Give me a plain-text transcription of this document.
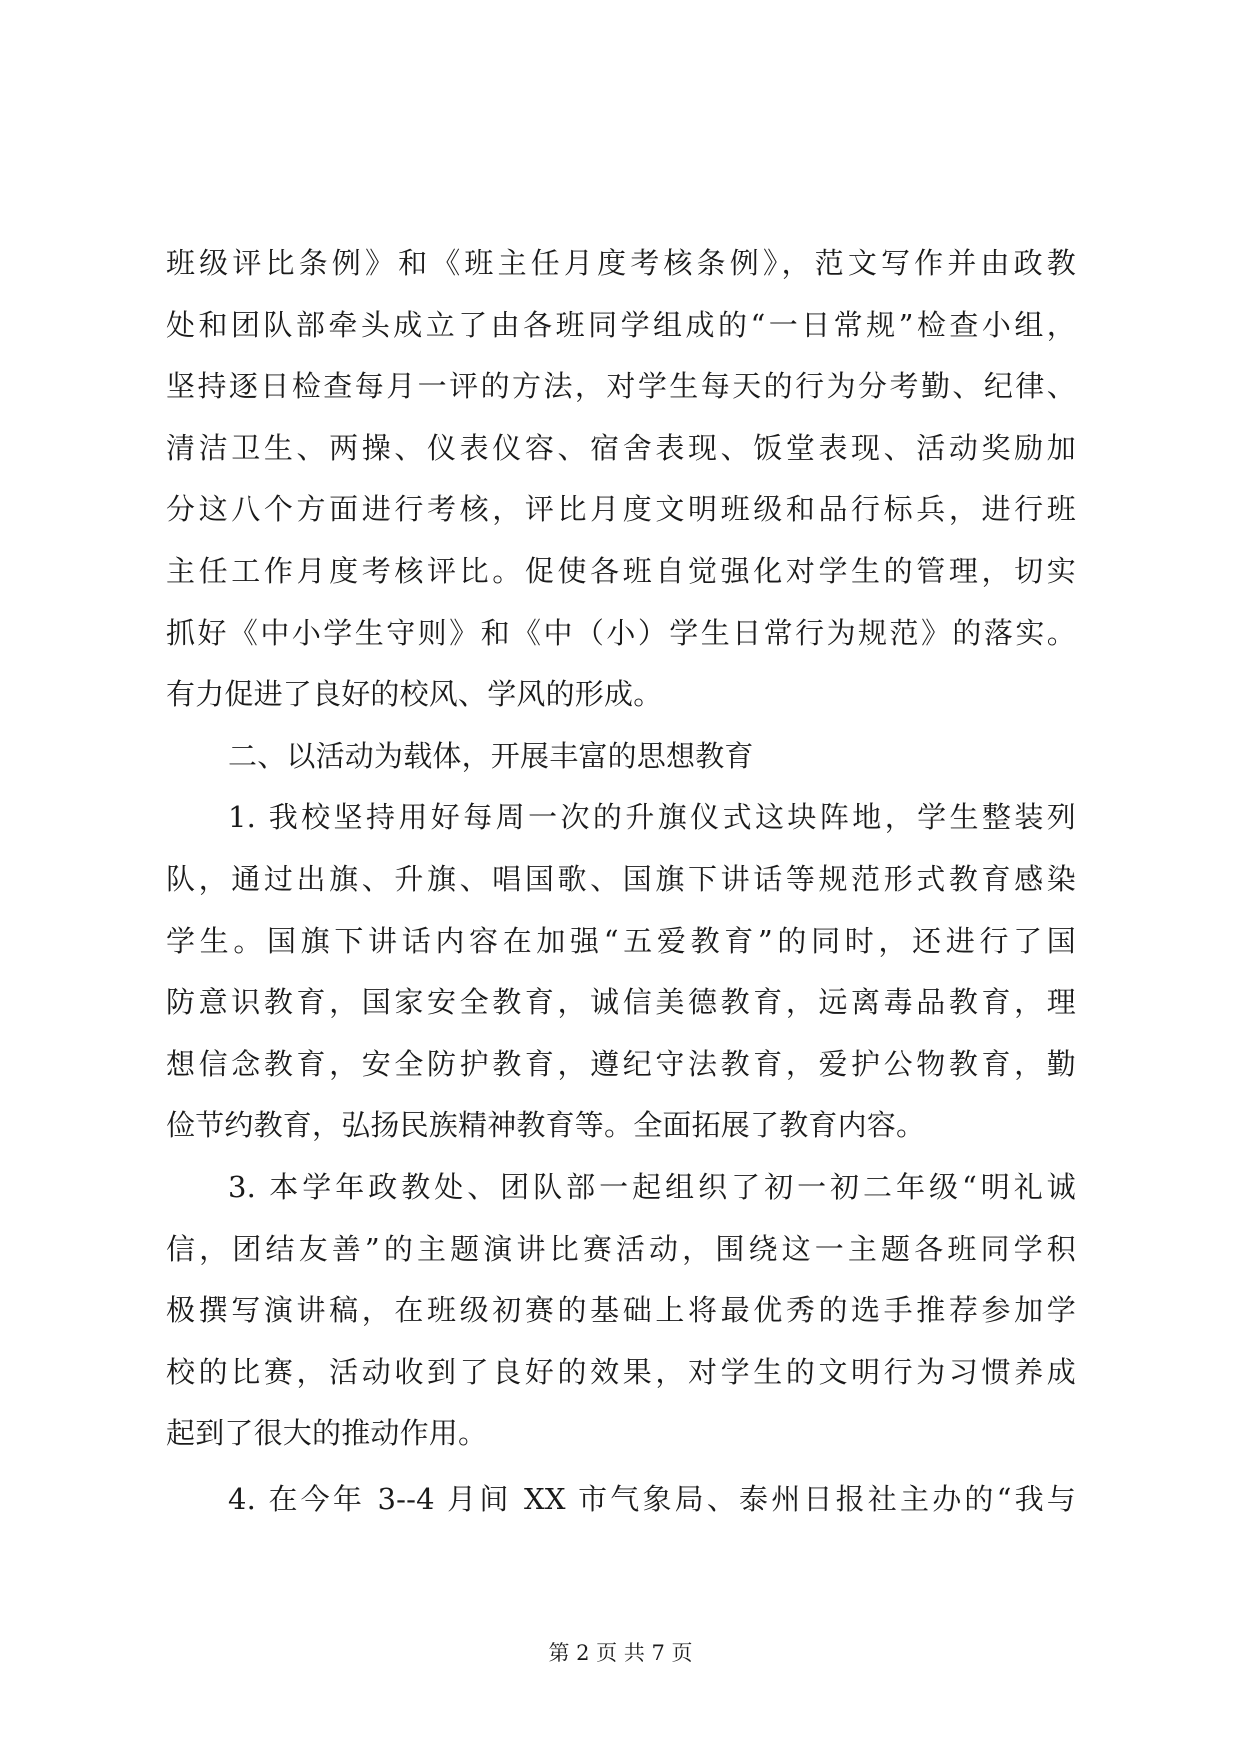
班级评比条例》和《班主任月度考核条例》，范文写作并由政教
处和团队部牵头成立了由各班同学组成的“一日常规”检查小组，
坚持逐日检查每月一评的方法，对学生每天的行为分考勤、纪律、
清洁卫生、两操、仪表仪容、宿舍表现、饭堂表现、活动奖励加
分这八个方面进行考核，评比月度文明班级和品行标兵，进行班
主任工作月度考核评比。促使各班自觉强化对学生的管理，切实
抓好《中小学生守则》和《中（小）学生日常行为规范》的落实。
有力促进了良好的校风、学风的形成。
二、以活动为载体，开展丰富的思想教育
1. 我校坚持用好每周一次的升旗仪式这块阵地，学生整装列
队，通过出旗、升旗、唱国歌、国旗下讲话等规范形式教育感染
学生。国旗下讲话内容在加强“五爱教育”的同时，还进行了国
防意识教育，国家安全教育，诚信美德教育，远离毒品教育，理
想信念教育，安全防护教育，遵纪守法教育，爱护公物教育，勤
俭节约教育，弘扬民族精神教育等。全面拓展了教育内容。
3. 本学年政教处、团队部一起组织了初一初二年级“明礼诚
信，团结友善”的主题演讲比赛活动，围绕这一主题各班同学积
极撰写演讲稿，在班级初赛的基础上将最优秀的选手推荐参加学
校的比赛，活动收到了良好的效果，对学生的文明行为习惯养成
起到了很大的推动作用。
4. 在今年 3--4 月间 XX 市气象局、泰州日报社主办的“我与
第 2 页 共 7 页
